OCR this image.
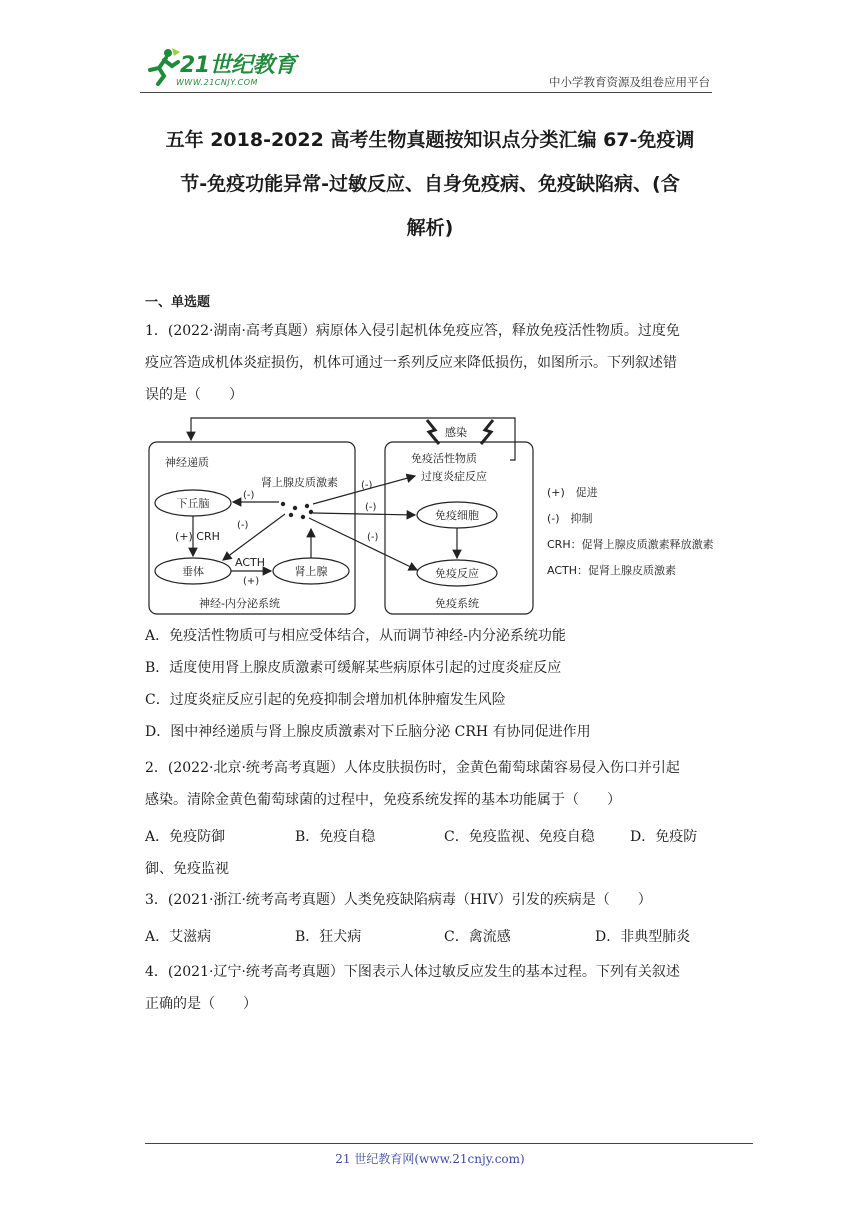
21世纪教育
WWW.21CNJY.COM	中小学教育资源及组卷应用平台
五年 2018-2022 高考生物真题按知识点分类汇编 67-免疫调
节-免疫功能异常-过敏反应、自身免疫病、免疫缺陷病、(含
解析)
一、单选题
1．(2022·湖南·高考真题）病原体入侵引起机体免疫应答，释放免疫活性物质。过度免
疫应答造成机体炎症损伤，机体可通过一系列反应来降低损伤，如图所示。下列叙述错
误的是（　　）
神经递质
下丘脑
垂体	肾上腺
(+) CRH
ACTH
(+)
肾上腺皮质激素
(-)
(-)
感染
免疫活性物质
过度炎症反应
免疫细胞
免疫反应
(-)
(-)
(-)
神经-内分泌系统	免疫系统
(+)　促进
(-)　抑制
CRH：促肾上腺皮质激素释放激素
ACTH：促肾上腺皮质激素
A．免疫活性物质可与相应受体结合，从而调节神经-内分泌系统功能
B．适度使用肾上腺皮质激素可缓解某些病原体引起的过度炎症反应
C．过度炎症反应引起的免疫抑制会增加机体肿瘤发生风险
D．图中神经递质与肾上腺皮质激素对下丘脑分泌 CRH 有协同促进作用
2．(2022·北京·统考高考真题）人体皮肤损伤时，金黄色葡萄球菌容易侵入伤口并引起
感染。清除金黄色葡萄球菌的过程中，免疫系统发挥的基本功能属于（　　）
A．免疫防御	B．免疫自稳	C．免疫监视、免疫自稳	D．免疫防
御、免疫监视
3．(2021·浙江·统考高考真题）人类免疫缺陷病毒（HIV）引发的疾病是（　　）
A．艾滋病	B．狂犬病	C．禽流感	D．非典型肺炎
4．(2021·辽宁·统考高考真题）下图表示人体过敏反应发生的基本过程。下列有关叙述
正确的是（　　）
21 世纪教育网(www.21cnjy.com)
